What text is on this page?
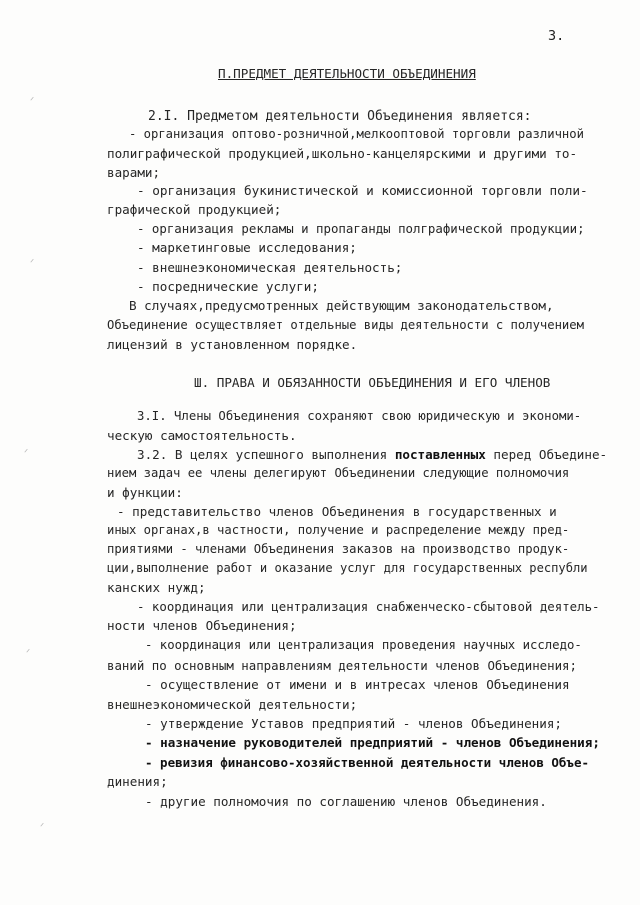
3.
П.ПРЕДМЕТ ДЕЯТЕЛЬНОСТИ ОБЪЕДИНЕНИЯ
2.I. Предметом деятельности Объединения является:
- организация оптово-розничной,мелкооптовой торговли различной
полиграфической продукцией,школьно-канцелярскими и другими то-
варами;
- организация букинистической и комиссионной торговли поли-
графической продукцией;
- организация рекламы и пропаганды полграфической продукции;
- маркетинговые исследования;
- внешнеэкономическая деятельность;
- посреднические услуги;
В случаях,предусмотренных действующим законодательством,
Объединение осуществляет отдельные виды деятельности с получением
лицензий в установленном порядке.
Ш. ПРАВА И ОБЯЗАННОСТИ ОБЪЕДИНЕНИЯ И ЕГО ЧЛЕНОВ
3.I. Члены Объединения сохраняют свою юридическую и экономи-
ческую самостоятельность.
3.2. В целях успешного выполнения поставленных перед Объедине-
нием задач ее члены делегируют Объединении следующие полномочия
и функции:
- представительство членов Объединения в государственных и
иных органах,в частности, получение и распределение между пред-
приятиями - членами Объединения заказов на производство продук-
ции,выполнение работ и оказание услуг для государственных республи
канских нужд;
- координация или централизация снабженческо-сбытовой деятель-
ности членов Объединения;
- координация или централизация проведения научных исследо-
ваний по основным направлениям деятельности членов Объединения;
- осуществление от имени и в интресах членов Объединения
внешнеэкономической деятельности;
- утверждение Уставов предприятий - членов Объединения;
- назначение руководителей предприятий - членов Объединения;
- ревизия финансово-хозяйственной деятельности членов Объе-
динения;
- другие полномочия по соглашению членов Объединения.
ᐟ
ᐟ
ᐟ
ᐟ
ᐟ
